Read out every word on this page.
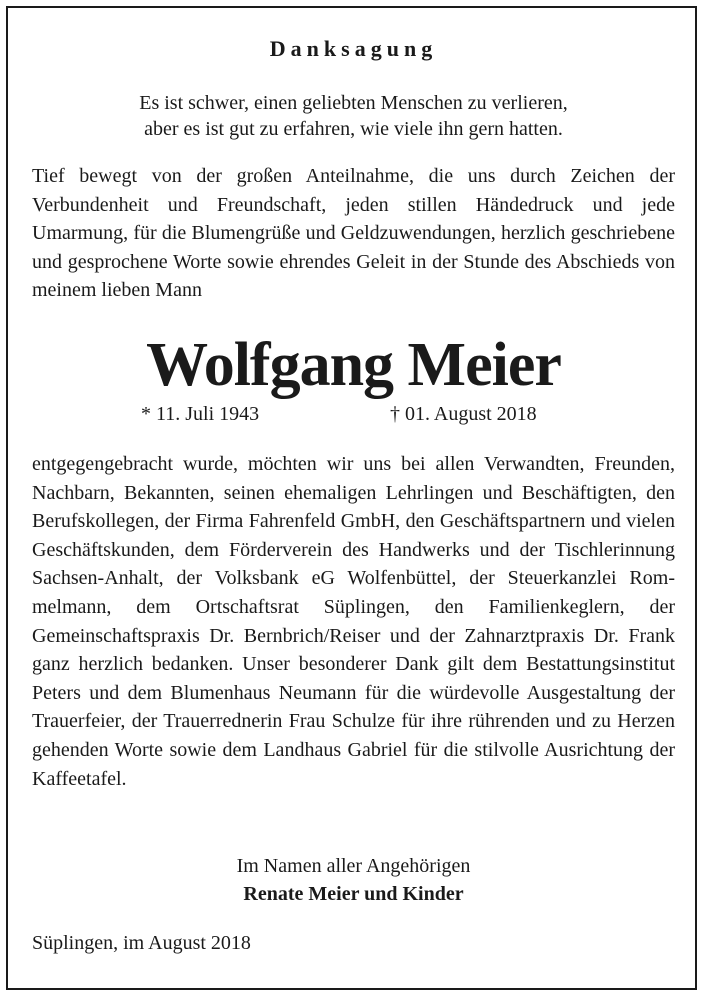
Danksagung
Es ist schwer, einen geliebten Menschen zu verlieren,
aber es ist gut zu erfahren, wie viele ihn gern hatten.
Tief bewegt von der großen Anteilnahme, die uns durch Zeichen der Verbundenheit und Freundschaft, jeden stillen Händedruck und jede Umarmung, für die Blumengrüße und Geldzuwendungen, herzlich geschriebene und gesprochene Worte sowie ehrendes Geleit in der Stunde des Abschieds von meinem lieben Mann
Wolfgang Meier
* 11. Juli 1943	† 01. August 2018
entgegengebracht wurde, möchten wir uns bei allen Verwandten, Freunden, Nachbarn, Bekannten, seinen ehemaligen Lehrlingen und Beschäftigten, den Berufskollegen, der Firma Fahrenfeld GmbH, den Geschäftspartnern und vielen Geschäftskunden, dem Förderverein des Handwerks und der Tischlerinnung Sachsen-Anhalt, der Volksbank eG Wolfenbüttel, der Steuerkanzlei Rommelmann, dem Ortschaftsrat Süplingen, den Familienkeglern, der Gemeinschaftspraxis Dr. Bernbrich/Reiser und der Zahnarztpraxis Dr. Frank ganz herzlich bedanken. Unser besonderer Dank gilt dem Bestattungsinstitut Peters und dem Blumenhaus Neumann für die würdevolle Ausgestaltung der Trauerfeier, der Trauerrednerin Frau Schulze für ihre rührenden und zu Herzen gehenden Worte sowie dem Landhaus Gabriel für die stilvolle Ausrichtung der Kaffeetafel.
Im Namen aller Angehörigen
Renate Meier und Kinder
Süplingen, im August 2018
